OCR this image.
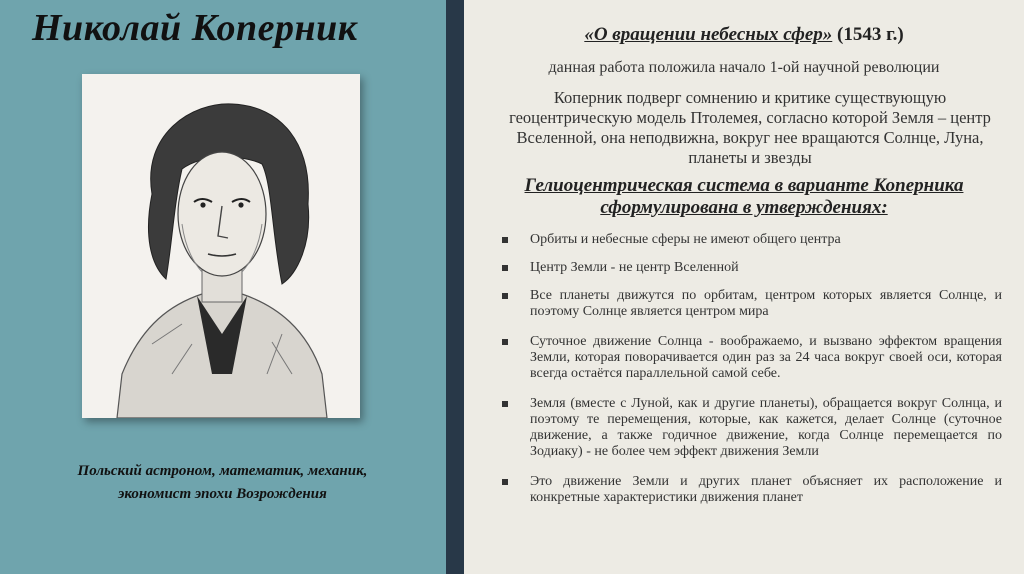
Николай Коперник
Польский астроном, математик, механик, экономист эпохи Возрождения
«О вращении небесных сфер» (1543 г.)
данная работа положила начало 1-ой научной революции
Коперник подверг сомнению и критике существующую геоцентрическую модель Птолемея, согласно которой Земля – центр Вселенной, она неподвижна, вокруг нее вращаются Солнце, Луна, планеты и звезды
Гелиоцентрическая система в варианте Коперника сформулирована в утверждениях:
Орбиты и небесные сферы не имеют общего центра
Центр Земли - не центр Вселенной
Все планеты движутся по орбитам, центром которых является Солнце, и поэтому Солнце является центром мира
Суточное движение Солнца - воображаемо, и вызвано эффектом вращения Земли, которая поворачивается один раз за 24 часа вокруг своей оси, которая всегда остаётся параллельной самой себе.
Земля (вместе с Луной, как и другие планеты), обращается вокруг Солнца, и поэтому те перемещения, которые, как кажется, делает Солнце (суточное движение, а также годичное движение, когда Солнце перемещается по Зодиаку) - не более чем эффект движения Земли
Это движение Земли и других планет объясняет их расположение и конкретные характеристики движения планет
